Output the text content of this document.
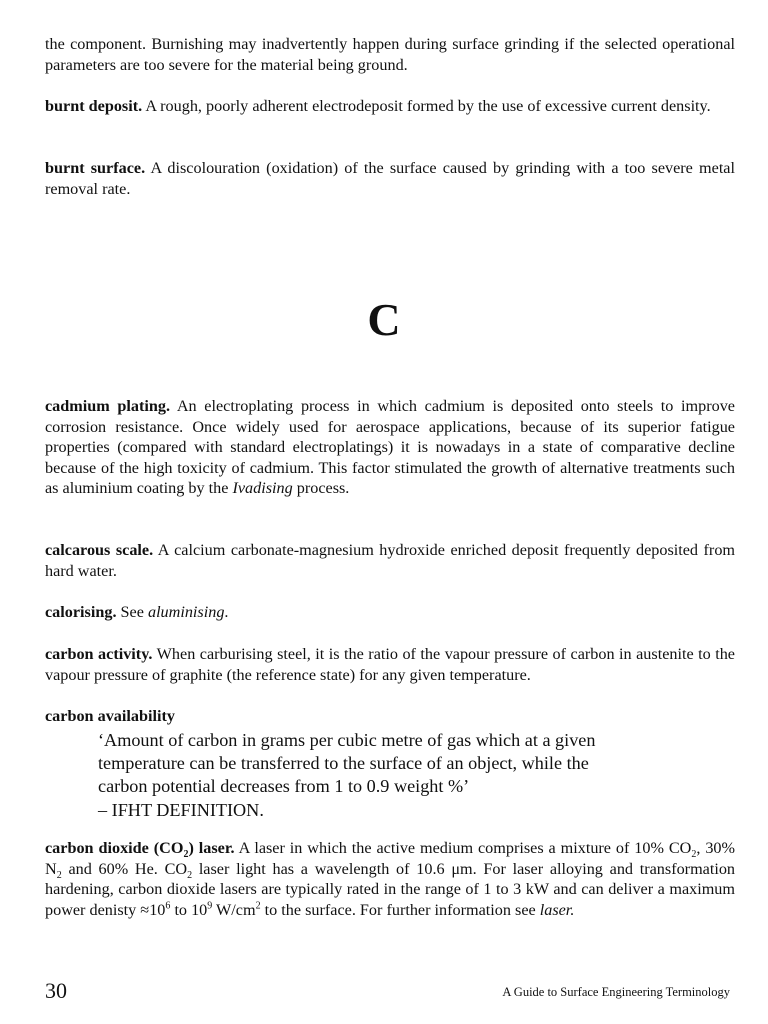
the component. Burnishing may inadvertently happen during surface grinding if the selected operational parameters are too severe for the material being ground.
burnt deposit. A rough, poorly adherent electrodeposit formed by the use of excessive current density.
burnt surface. A discolouration (oxidation) of the surface caused by grinding with a too severe metal removal rate.
C
cadmium plating. An electroplating process in which cadmium is deposited onto steels to improve corrosion resistance. Once widely used for aerospace applications, because of its superior fatigue properties (compared with standard electroplatings) it is nowadays in a state of comparative decline because of the high toxicity of cadmium. This factor stimulated the growth of alternative treatments such as aluminium coating by the Ivadising process.
calcarous scale. A calcium carbonate-magnesium hydroxide enriched deposit frequently deposited from hard water.
calorising. See aluminising.
carbon activity. When carburising steel, it is the ratio of the vapour pressure of carbon in austenite to the vapour pressure of graphite (the reference state) for any given temperature.
carbon availability
‘Amount of carbon in grams per cubic metre of gas which at a given
temperature can be transferred to the surface of an object, while the
carbon potential decreases from 1 to 0.9 weight %’
– IFHT DEFINITION.
carbon dioxide $(CO_2)$ laser. A laser in which the active medium comprises a mixture of 10% $CO_2$, 30% $N_2$ and 60% He. $CO_2$ laser light has a wavelength of 10.6 μm. For laser alloying and transformation hardening, carbon dioxide lasers are typically rated in the range of 1 to 3 kW and can deliver a maximum power denisty $\approx 10^6$ to $10^9$ $W/cm^2$ to the surface. For further information see laser.
30	A Guide to Surface Engineering Terminology
